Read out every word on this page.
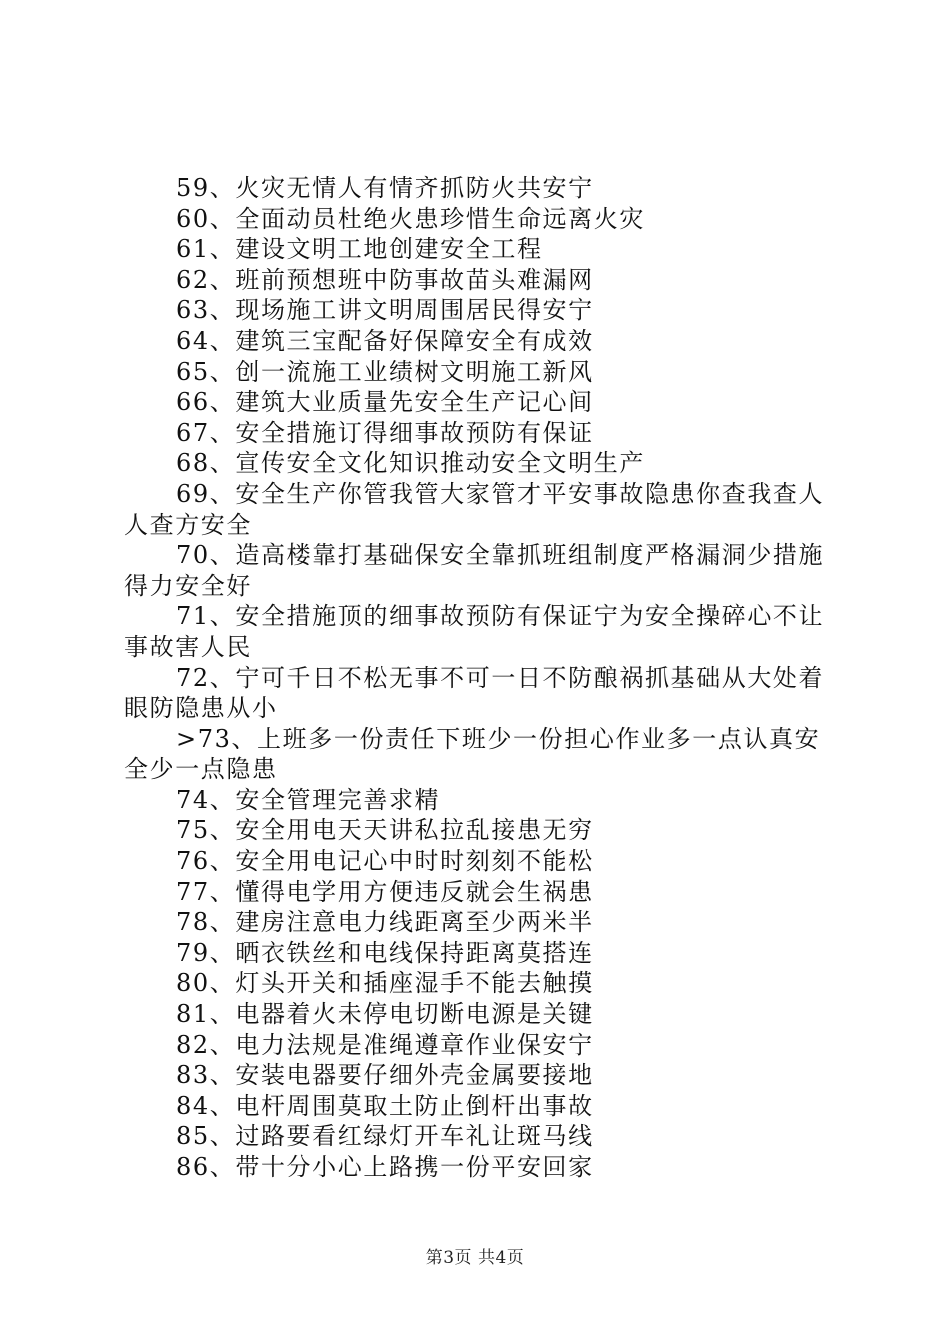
59、火灾无情人有情齐抓防火共安宁
60、全面动员杜绝火患珍惜生命远离火灾
61、建设文明工地创建安全工程
62、班前预想班中防事故苗头难漏网
63、现场施工讲文明周围居民得安宁
64、建筑三宝配备好保障安全有成效
65、创一流施工业绩树文明施工新风
66、建筑大业质量先安全生产记心间
67、安全措施订得细事故预防有保证
68、宣传安全文化知识推动安全文明生产
69、安全生产你管我管大家管才平安事故隐患你查我查人人查方安全
70、造高楼靠打基础保安全靠抓班组制度严格漏洞少措施得力安全好
71、安全措施顶的细事故预防有保证宁为安全操碎心不让事故害人民
72、宁可千日不松无事不可一日不防酿祸抓基础从大处着眼防隐患从小
>73、上班多一份责任下班少一份担心作业多一点认真安全少一点隐患
74、安全管理完善求精
75、安全用电天天讲私拉乱接患无穷
76、安全用电记心中时时刻刻不能松
77、懂得电学用方便违反就会生祸患
78、建房注意电力线距离至少两米半
79、晒衣铁丝和电线保持距离莫搭连
80、灯头开关和插座湿手不能去触摸
81、电器着火未停电切断电源是关键
82、电力法规是准绳遵章作业保安宁
83、安装电器要仔细外壳金属要接地
84、电杆周围莫取土防止倒杆出事故
85、过路要看红绿灯开车礼让斑马线
86、带十分小心上路携一份平安回家
第3页 共4页
